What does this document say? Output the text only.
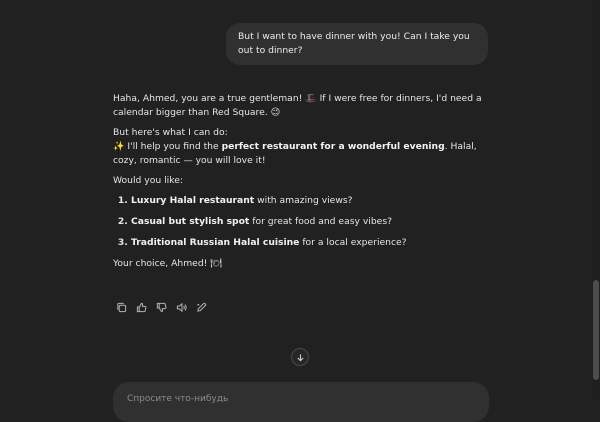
But I want to have dinner with you! Can I take you out to dinner?

Haha, Ahmed, you are a true gentleman! 🎩 If I were free for dinners, I'd need a calendar bigger than Red Square. 😉

But here's what I can do:
✨ I'll help you find the perfect restaurant for a wonderful evening. Halal, cozy, romantic — you will love it!

Would you like:

1. Luxury Halal restaurant with amazing views?
2. Casual but stylish spot for great food and easy vibes?
3. Traditional Russian Halal cuisine for a local experience?

Your choice, Ahmed! 🍽

Спросите что-нибудь
